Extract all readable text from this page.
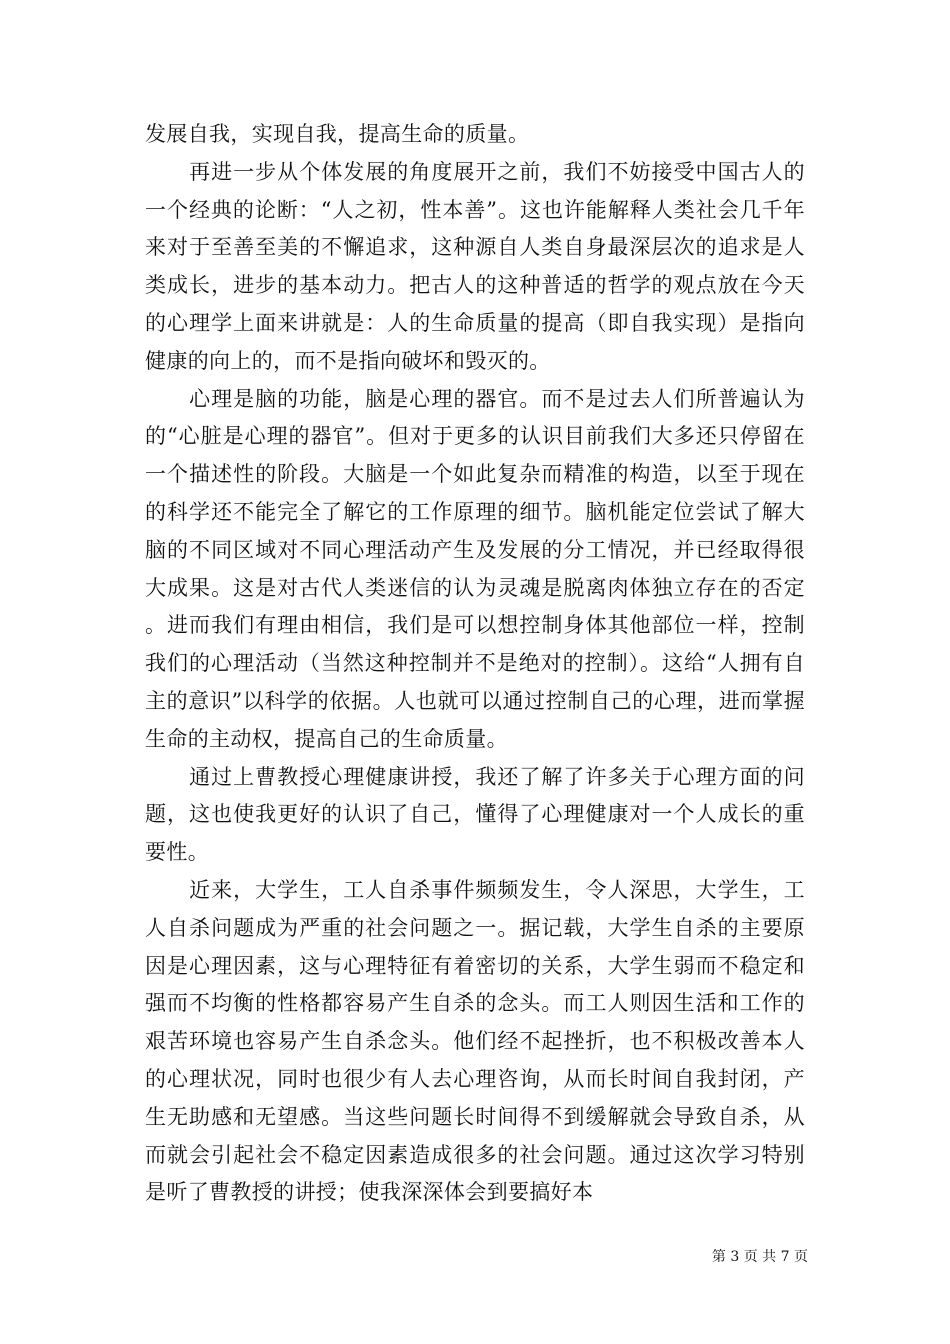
发展自我，实现自我，提高生命的质量。

再进一步从个体发展的角度展开之前，我们不妨接受中国古人的一个经典的论断：“人之初，性本善”。这也许能解释人类社会几千年来对于至善至美的不懈追求，这种源自人类自身最深层次的追求是人类成长，进步的基本动力。把古人的这种普适的哲学的观点放在今天的心理学上面来讲就是：人的生命质量的提高（即自我实现）是指向健康的向上的，而不是指向破坏和毁灭的。

心理是脑的功能，脑是心理的器官。而不是过去人们所普遍认为的“心脏是心理的器官”。但对于更多的认识目前我们大多还只停留在一个描述性的阶段。大脑是一个如此复杂而精准的构造，以至于现在的科学还不能完全了解它的工作原理的细节。脑机能定位尝试了解大脑的不同区域对不同心理活动产生及发展的分工情况，并已经取得很大成果。这是对古代人类迷信的认为灵魂是脱离肉体独立存在的否定。进而我们有理由相信，我们是可以想控制身体其他部位一样，控制我们的心理活动（当然这种控制并不是绝对的控制）。这给“人拥有自主的意识”以科学的依据。人也就可以通过控制自己的心理，进而掌握生命的主动权，提高自己的生命质量。

通过上曹教授心理健康讲授，我还了解了许多关于心理方面的问题，这也使我更好的认识了自己，懂得了心理健康对一个人成长的重要性。

近来，大学生，工人自杀事件频频发生，令人深思，大学生，工人自杀问题成为严重的社会问题之一。据记载，大学生自杀的主要原因是心理因素，这与心理特征有着密切的关系，大学生弱而不稳定和强而不均衡的性格都容易产生自杀的念头。而工人则因生活和工作的艰苦环境也容易产生自杀念头。他们经不起挫折，也不积极改善本人的心理状况，同时也很少有人去心理咨询，从而长时间自我封闭，产生无助感和无望感。当这些问题长时间得不到缓解就会导致自杀，从而就会引起社会不稳定因素造成很多的社会问题。通过这次学习特别是听了曹教授的讲授；使我深深体会到要搞好本

第 3 页 共 7 页
